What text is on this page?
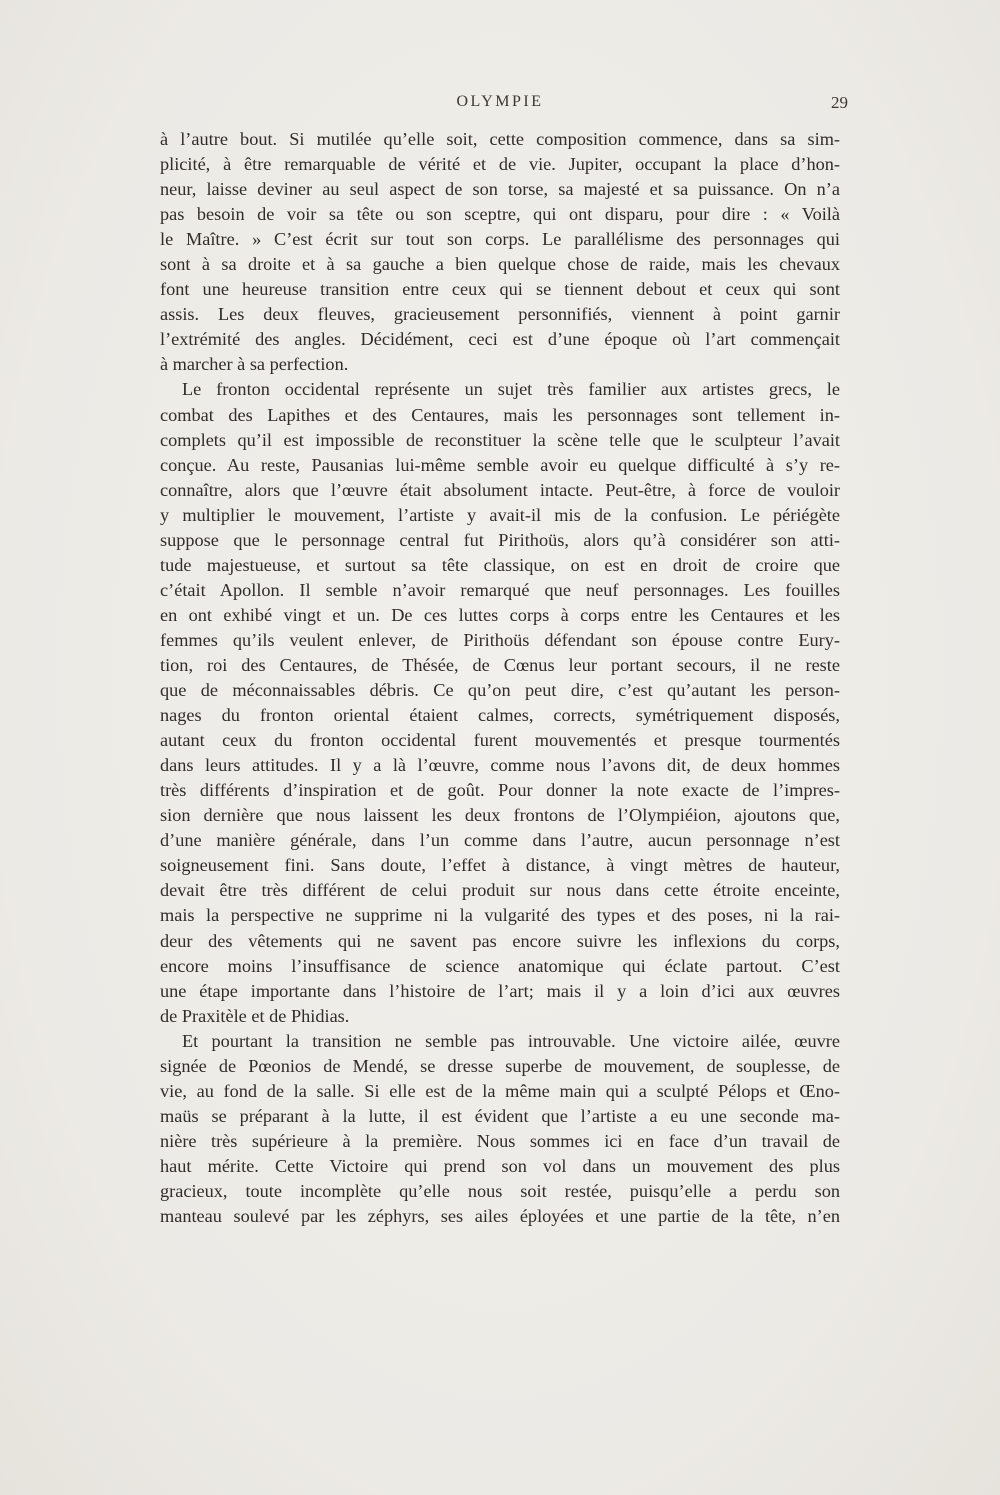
OLYMPIE	29
à l’autre bout. Si mutilée qu’elle soit, cette composition commence, dans sa sim-
plicité, à être remarquable de vérité et de vie. Jupiter, occupant la place d’hon-
neur, laisse deviner au seul aspect de son torse, sa majesté et sa puissance. On n’a
pas besoin de voir sa tête ou son sceptre, qui ont disparu, pour dire : « Voilà
le Maître. » C’est écrit sur tout son corps. Le parallélisme des personnages qui
sont à sa droite et à sa gauche a bien quelque chose de raide, mais les chevaux
font une heureuse transition entre ceux qui se tiennent debout et ceux qui sont
assis. Les deux fleuves, gracieusement personnifiés, viennent à point garnir
l’extrémité des angles. Décidément, ceci est d’une époque où l’art commençait
à marcher à sa perfection.
Le fronton occidental représente un sujet très familier aux artistes grecs, le
combat des Lapithes et des Centaures, mais les personnages sont tellement in-
complets qu’il est impossible de reconstituer la scène telle que le sculpteur l’avait
conçue. Au reste, Pausanias lui-même semble avoir eu quelque difficulté à s’y re-
connaître, alors que l’œuvre était absolument intacte. Peut-être, à force de vouloir
y multiplier le mouvement, l’artiste y avait-il mis de la confusion. Le périégète
suppose que le personnage central fut Pirithoüs, alors qu’à considérer son atti-
tude majestueuse, et surtout sa tête classique, on est en droit de croire que
c’était Apollon. Il semble n’avoir remarqué que neuf personnages. Les fouilles
en ont exhibé vingt et un. De ces luttes corps à corps entre les Centaures et les
femmes qu’ils veulent enlever, de Pirithoüs défendant son épouse contre Eury-
tion, roi des Centaures, de Thésée, de Cœnus leur portant secours, il ne reste
que de méconnaissables débris. Ce qu’on peut dire, c’est qu’autant les person-
nages du fronton oriental étaient calmes, corrects, symétriquement disposés,
autant ceux du fronton occidental furent mouvementés et presque tourmentés
dans leurs attitudes. Il y a là l’œuvre, comme nous l’avons dit, de deux hommes
très différents d’inspiration et de goût. Pour donner la note exacte de l’impres-
sion dernière que nous laissent les deux frontons de l’Olympiéion, ajoutons que,
d’une manière générale, dans l’un comme dans l’autre, aucun personnage n’est
soigneusement fini. Sans doute, l’effet à distance, à vingt mètres de hauteur,
devait être très différent de celui produit sur nous dans cette étroite enceinte,
mais la perspective ne supprime ni la vulgarité des types et des poses, ni la rai-
deur des vêtements qui ne savent pas encore suivre les inflexions du corps,
encore moins l’insuffisance de science anatomique qui éclate partout. C’est
une étape importante dans l’histoire de l’art; mais il y a loin d’ici aux œuvres
de Praxitèle et de Phidias.
Et pourtant la transition ne semble pas introuvable. Une victoire ailée, œuvre
signée de Pœonios de Mendé, se dresse superbe de mouvement, de souplesse, de
vie, au fond de la salle. Si elle est de la même main qui a sculpté Pélops et Œno-
maüs se préparant à la lutte, il est évident que l’artiste a eu une seconde ma-
nière très supérieure à la première. Nous sommes ici en face d’un travail de
haut mérite. Cette Victoire qui prend son vol dans un mouvement des plus
gracieux, toute incomplète qu’elle nous soit restée, puisqu’elle a perdu son
manteau soulevé par les zéphyrs, ses ailes éployées et une partie de la tête, n’en
